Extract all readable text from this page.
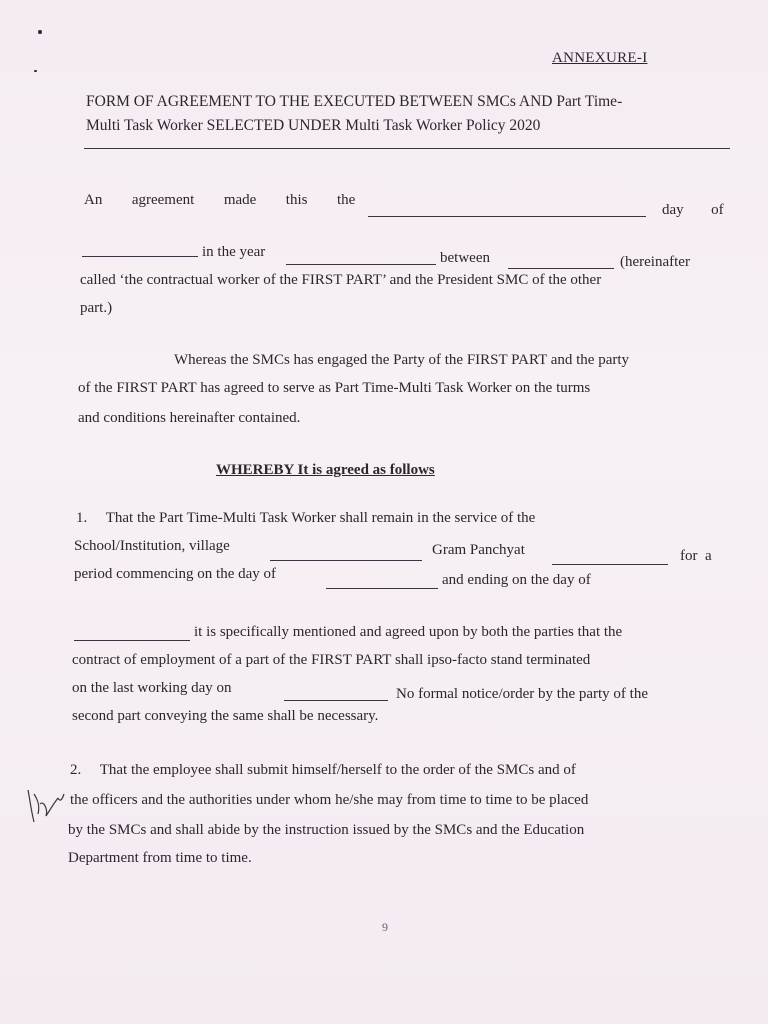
ANNEXURE-I
FORM OF AGREEMENT TO THE EXECUTED BETWEEN SMCs AND Part Time-
Multi Task Worker SELECTED UNDER Multi Task Worker Policy 2020
An agreement made this the
day of
in the year	between	(hereinafter
called ‘the contractual worker of the FIRST PART’ and the President SMC of the other
part.)
Whereas the SMCs has engaged the Party of the FIRST PART and the party
of the FIRST PART has agreed to serve as Part Time-Multi Task Worker on the turms
and conditions hereinafter contained.
WHEREBY It is agreed as follows
1.     That the Part Time-Multi Task Worker shall remain in the service of the
School/Institution, village	Gram Panchyat	for  a
period commencing on the day of	and ending on the day of
it is specifically mentioned and agreed upon by both the parties that the
contract of employment of a part of the FIRST PART shall ipso-facto stand terminated
on the last working day on	No formal notice/order by the party of the
second part conveying the same shall be necessary.
2.     That the employee shall submit himself/herself to the order of the SMCs and of
the officers and the authorities under whom he/she may from time to time to be placed
by the SMCs and shall abide by the instruction issued by the SMCs and the Education
Department from time to time.
9
